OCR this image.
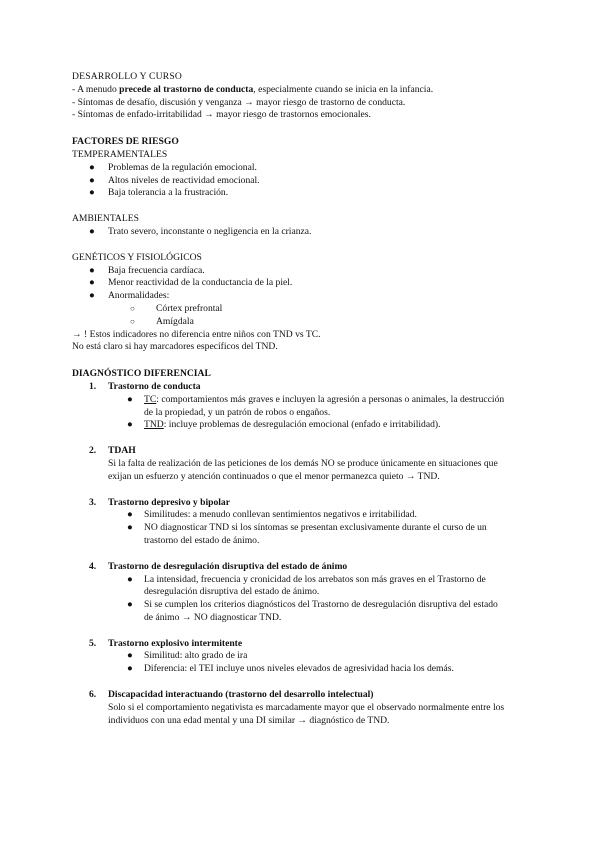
DESARROLLO Y CURSO
- A menudo precede al trastorno de conducta, especialmente cuando se inicia en la infancia.
- Síntomas de desafío, discusión y venganza → mayor riesgo de trastorno de conducta.
- Síntomas de enfado-irritabilidad → mayor riesgo de trastornos emocionales.
FACTORES DE RIESGO
TEMPERAMENTALES
● Problemas de la regulación emocional.
● Altos niveles de reactividad emocional.
● Baja tolerancia a la frustración.
AMBIENTALES
● Trato severo, inconstante o negligencia en la crianza.
GENÉTICOS Y FISIOLÓGICOS
● Baja frecuencia cardíaca.
● Menor reactividad de la conductancia de la piel.
● Anormalidades:
○ Córtex prefrontal
○ Amígdala
→ ! Estos indicadores no diferencia entre niños con TND vs TC.
No está claro si hay marcadores específicos del TND.
DIAGNÓSTICO DIFERENCIAL
1. Trastorno de conducta
● TC: comportamientos más graves e incluyen la agresión a personas o animales, la destrucción
de la propiedad, y un patrón de robos o engaños.
● TND: incluye problemas de desregulación emocional (enfado e irritabilidad).
2. TDAH
Si la falta de realización de las peticiones de los demás NO se produce únicamente en situaciones que
exijan un esfuerzo y atención continuados o que el menor permanezca quieto → TND.
3. Trastorno depresivo y bipolar
● Similitudes: a menudo conllevan sentimientos negativos e irritabilidad.
● NO diagnosticar TND si los síntomas se presentan exclusivamente durante el curso de un
trastorno del estado de ánimo.
4. Trastorno de desregulación disruptiva del estado de ánimo
● La intensidad, frecuencia y cronicidad de los arrebatos son más graves en el Trastorno de
desregulación disruptiva del estado de ánimo.
● Si se cumplen los criterios diagnósticos del Trastorno de desregulación disruptiva del estado
de ánimo → NO diagnosticar TND.
5. Trastorno explosivo intermitente
● Similitud: alto grado de ira
● Diferencia: el TEI incluye unos niveles elevados de agresividad hacia los demás.
6. Discapacidad interactuando (trastorno del desarrollo intelectual)
Solo si el comportamiento negativista es marcadamente mayor que el observado normalmente entre los
individuos con una edad mental y una DI similar → diagnóstico de TND.
